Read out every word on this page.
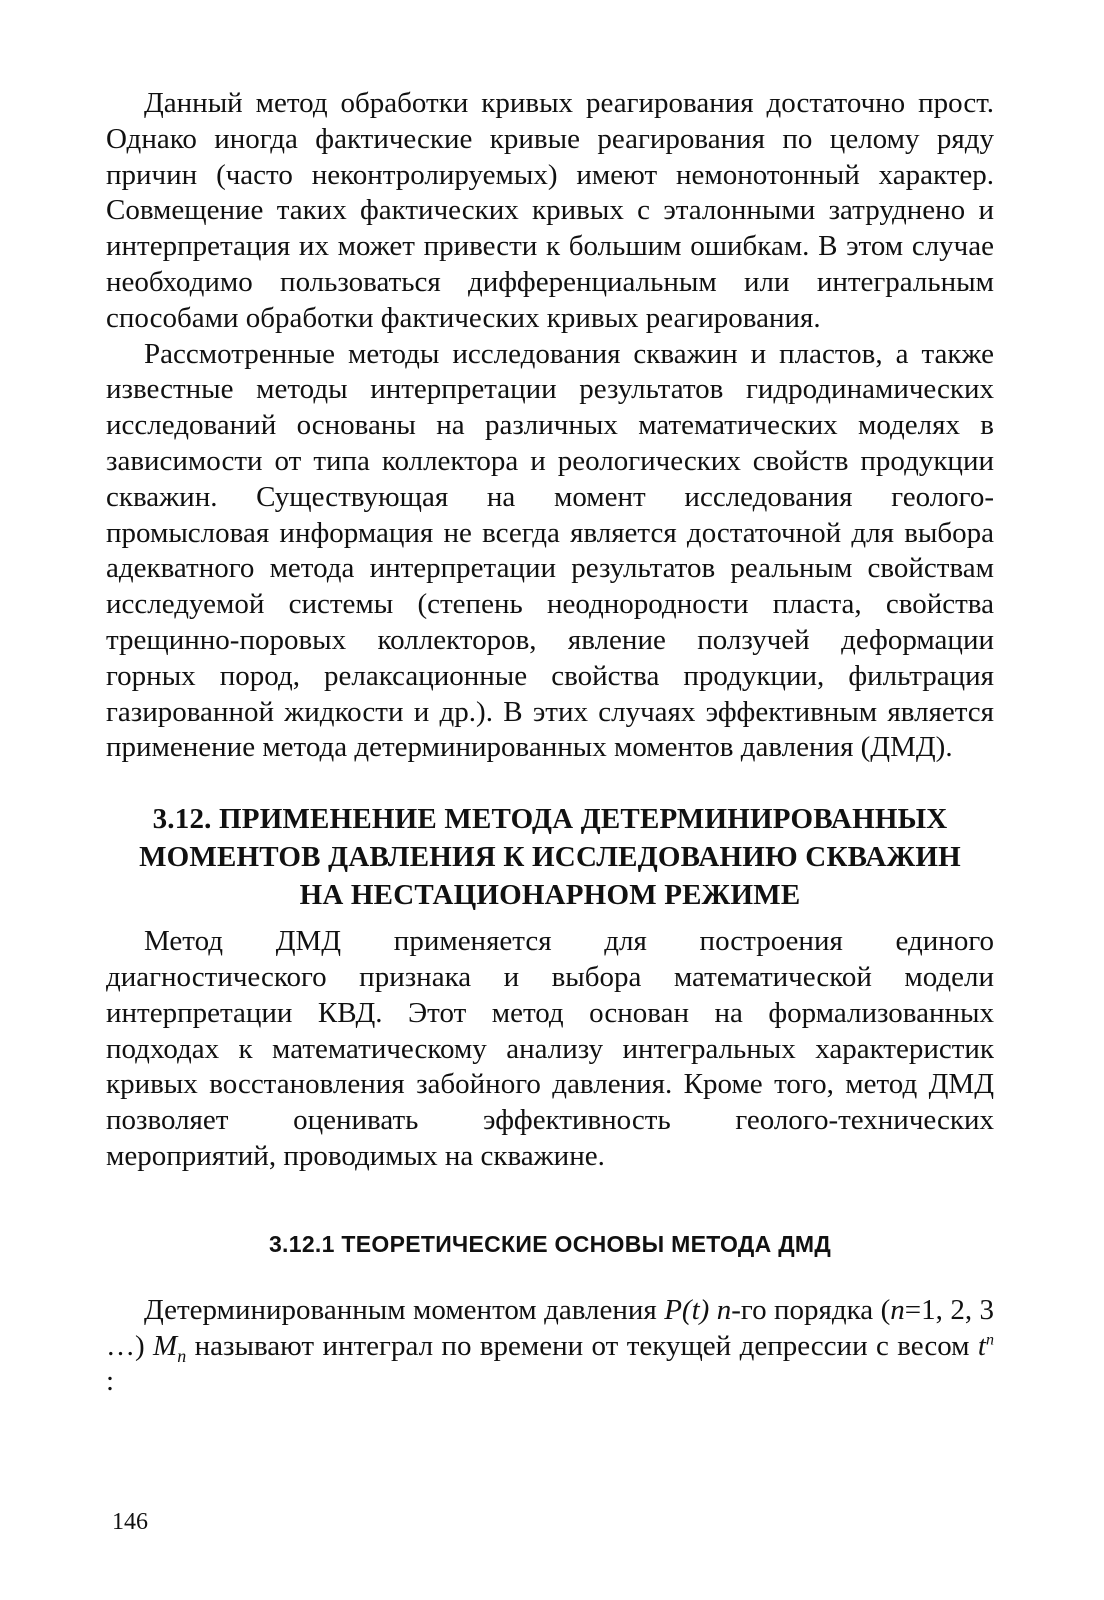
Данный метод обработки кривых реагирования достаточно прост. Однако иногда фактические кривые реагирования по целому ряду причин (часто неконтролируемых) имеют немонотонный характер. Совмещение таких фактических кривых с эталонными затруднено и интерпретация их может привести к большим ошибкам. В этом случае необходимо пользоваться дифференциальным или интегральным способами обработки фактических кривых реагирования.

Рассмотренные методы исследования скважин и пластов, а также известные методы интерпретации результатов гидродинамических исследований основаны на различных математических моделях в зависимости от типа коллектора и реологических свойств продукции скважин. Существующая на момент исследования геолого-промысловая информация не всегда является достаточной для выбора адекватного метода интерпретации результатов реальным свойствам исследуемой системы (степень неоднородности пласта, свойства трещинно-поровых коллекторов, явление ползучей деформации горных пород, релаксационные свойства продукции, фильтрация газированной жидкости и др.). В этих случаях эффективным является применение метода детерминированных моментов давления (ДМД).

3.12. ПРИМЕНЕНИЕ МЕТОДА ДЕТЕРМИНИРОВАННЫХ
МОМЕНТОВ ДАВЛЕНИЯ К ИССЛЕДОВАНИЮ СКВАЖИН
НА НЕСТАЦИОНАРНОМ РЕЖИМЕ

Метод ДМД применяется для построения единого диагностического признака и выбора математической модели интерпретации КВД. Этот метод основан на формализованных подходах к математическому анализу интегральных характеристик кривых восстановления забойного давления. Кроме того, метод ДМД позволяет оценивать эффективность геолого-технических мероприятий, проводимых на скважине.

3.12.1 ТЕОРЕТИЧЕСКИЕ ОСНОВЫ МЕТОДА ДМД

Детерминированным моментом давления P(t) n-го порядка (n=1, 2, 3 …) $M_n$ называют интеграл по времени от текущей депрессии с весом $t^n$ :

146
